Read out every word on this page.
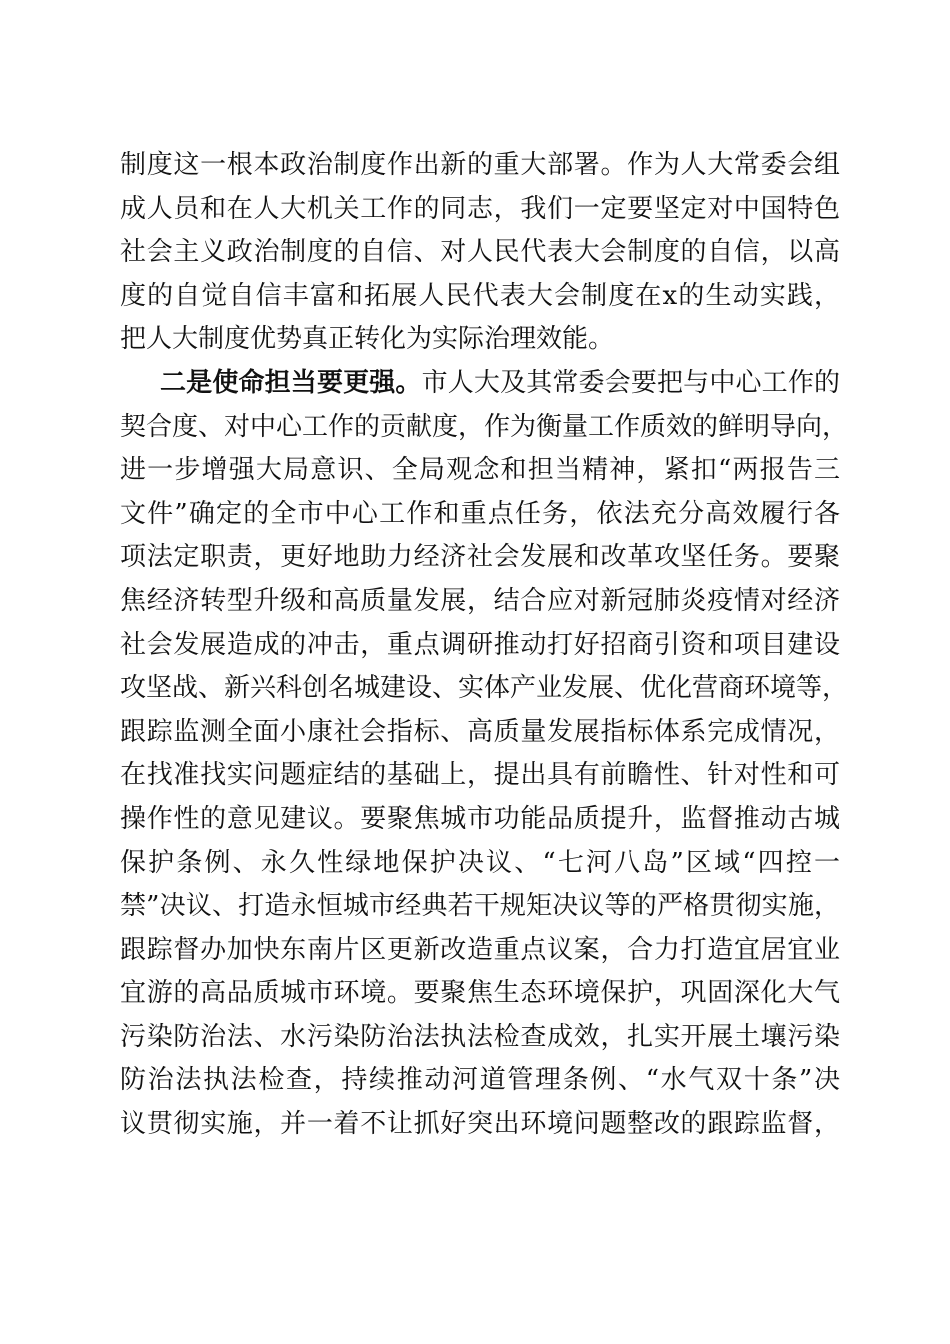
制度这一根本政治制度作出新的重大部署。作为人大常委会组
成人员和在人大机关工作的同志，我们一定要坚定对中国特色
社会主义政治制度的自信、对人民代表大会制度的自信，以高
度的自觉自信丰富和拓展人民代表大会制度在x的生动实践，
把人大制度优势真正转化为实际治理效能。
二是使命担当要更强。市人大及其常委会要把与中心工作的
契合度、对中心工作的贡献度，作为衡量工作质效的鲜明导向，
进一步增强大局意识、全局观念和担当精神，紧扣“两报告三
文件”确定的全市中心工作和重点任务，依法充分高效履行各
项法定职责，更好地助力经济社会发展和改革攻坚任务。要聚
焦经济转型升级和高质量发展，结合应对新冠肺炎疫情对经济
社会发展造成的冲击，重点调研推动打好招商引资和项目建设
攻坚战、新兴科创名城建设、实体产业发展、优化营商环境等，
跟踪监测全面小康社会指标、高质量发展指标体系完成情况，
在找准找实问题症结的基础上，提出具有前瞻性、针对性和可
操作性的意见建议。要聚焦城市功能品质提升，监督推动古城
保护条例、永久性绿地保护决议、“七河八岛”区域“四控一
禁”决议、打造永恒城市经典若干规矩决议等的严格贯彻实施，
跟踪督办加快东南片区更新改造重点议案，合力打造宜居宜业
宜游的高品质城市环境。要聚焦生态环境保护，巩固深化大气
污染防治法、水污染防治法执法检查成效，扎实开展土壤污染
防治法执法检查，持续推动河道管理条例、“水气双十条”决
议贯彻实施，并一着不让抓好突出环境问题整改的跟踪监督，
